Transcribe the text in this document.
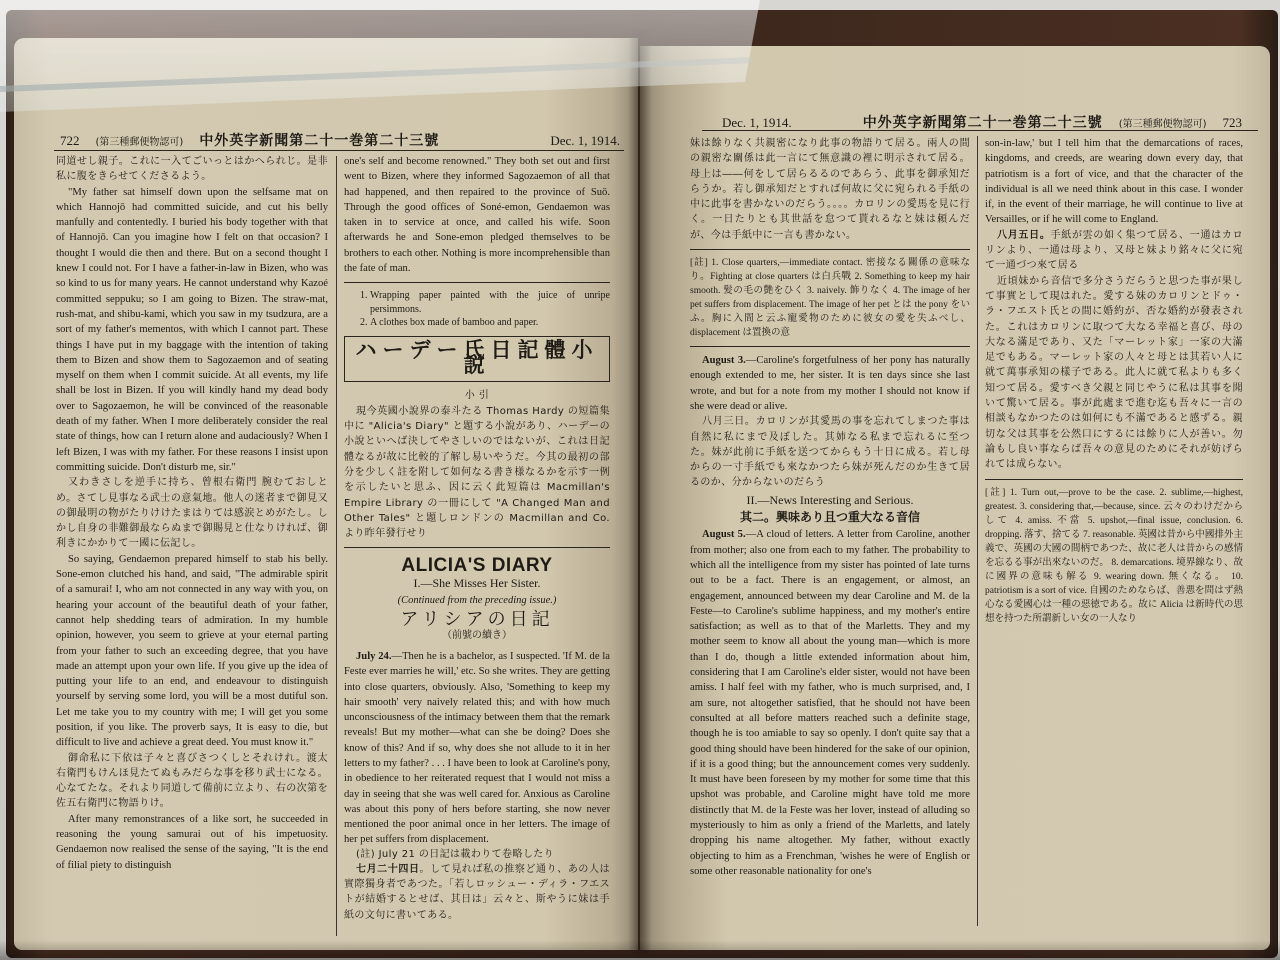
722 (第三種郵便物認可) 中外英字新聞第二十一巻第二十三號	Dec. 1, 1914.

同道せし親子。これに一入てごいっとはかへられじ。是非私に腹をきらせてくださるよう。

"My father sat himself down upon the selfsame mat on which Hannojō had committed suicide, and cut his belly manfully and contentedly. I buried his body together with that of Hannojō. Can you imagine how I felt on that occasion? I thought I would die then and there. But on a second thought I knew I could not. For I have a father-in-law in Bizen, who was so kind to us for many years. He cannot understand why Kazoé committed seppuku; so I am going to Bizen. The straw-mat, rush-mat, and shibu-kami, which you saw in my tsudzura, are a sort of my father's mementos, with which I cannot part. These things I have put in my baggage with the intention of taking them to Bizen and show them to Sagozaemon and of seating myself on them when I commit suicide. At all events, my life shall be lost in Bizen. If you will kindly hand my dead body over to Sagozaemon, he will be convinced of the reasonable death of my father. When I more deliberately consider the real state of things, how can I return alone and audaciously? When I left Bizen, I was with my father. For these reasons I insist upon committing suicide. Don't disturb me, sir."

又わきさしを逆手に持ち、曾根右衛門 腕むておしとめ。さてし見事なる武士の意氣地。他人の迷者まで御見又の御最明の物がたりけけたまはりては感涙とめがたし。しかし自身の非難御最ならぬまで御賜見と仕なりければ、御利きにかかりて一國に伝記し。

So saying, Gendaemon prepared himself to stab his belly. Sone-emon clutched his hand, and said, "The admirable spirit of a samurai! I, who am not connected in any way with you, on hearing your account of the beautiful death of your father, cannot help shedding tears of admiration. In my humble opinion, however, you seem to grieve at your eternal parting from your father to such an exceeding degree, that you have made an attempt upon your own life. If you give up the idea of putting your life to an end, and endeavour to distinguish yourself by serving some lord, you will be a most dutiful son. Let me take you to my country with me; I will get you some position, if you like. The proverb says, It is easy to die, but difficult to live and achieve a great deed. You must know it."

御命私に下依は子々と喜びさつくしとそれけれ。渡太右衛門もけんほ見たてぬもみだらな事を移り武士になる。心なてたな。それより同道して備前に立より、右の次第を佐五右衛門に物語りけ。

After many remonstrances of a like sort, he succeeded in reasoning the young samurai out of his impetuosity. Gendaemon now realised the sense of the saying, "It is the end of filial piety to distinguish

one's self and become renowned." They both set out and first went to Bizen, where they informed Sagozaemon of all that had happened, and then repaired to the province of Suō. Through the good offices of Soné-emon, Gendaemon was taken in to service at once, and called his wife. Soon afterwards he and Sone-emon pledged themselves to be brothers to each other. Nothing is more incomprehensible than the fate of man.

1. Wrapping paper painted with the juice of unripe persimmons.
2. A clothes box made of bamboo and paper.
ハーデー氏日記體小説

小 引

現今英國小說界の泰斗たる Thomas Hardy の短篇集中に "Alicia's Diary" と題する小說があり、ハーデーの小說といへば決してやさしいのではないが、これは日記體なるが故に比較的了解し易いやうだ。今其の最初の部分を少しく註を附して如何なる書き様なるかを示す一例を示したいと思ふ、因に云く此短篇は Macmillan's Empire Library の一冊にして "A Changed Man and Other Tales" と題しロンドンの Macmillan and Co. より昨年發行せり

ALICIA'S DIARY
I.—She Misses Her Sister.
(Continued from the preceding issue.)
アリシアの日記
（前號の續き）

July 24.—Then he is a bachelor, as I suspected. 'If M. de la Feste ever marries he will,' etc. So she writes. They are getting into close quarters, obviously. Also, 'Something to keep my hair smooth' very naively related this; and with how much unconsciousness of the intimacy between them that the remark reveals! But my mother—what can she be doing? Does she know of this? And if so, why does she not allude to it in her letters to my father? . . . I have been to look at Caroline's pony, in obedience to her reiterated request that I would not miss a day in seeing that she was well cared for. Anxious as Caroline was about this pony of hers before starting, she now never mentioned the poor animal once in her letters. The image of her pet suffers from displacement.

(註) July 21 の日記は載わりて卷略したり

七月二十四日。して見れば私の推察ど通り、あの人は實際獨身者であつた。「若しロッシュー・ディラ・フエストが結婚するとせば、其日は」云々と、斯やうに妹は手紙の文句に書いてある。

Dec. 1, 1914.	中外英字新聞第二十一巻第二十三號 (第三種郵便物認可) 723

妹は餘りなく共親密になり此事の物語りて居る。兩人の間の親密な關係は此一言にて無意識の裡に明示されて居る。母上は――何をして居らるるのであらう、此事を御承知だらうか。若し御承知だとすれば何故に父に宛られる手紙の中に此事を書かないのだらう。。。。カロリンの愛馬を見に行く。一日たりとも其世話を怠つて貰れるなと妹は頼んだが、今は手紙中に一言も書かない。

[註] 1. Close quarters,—immediate contact. 密接なる關係の意味なり。Fighting at close quarters は白兵戰 2. Something to keep my hair smooth. 髪の毛の艶をひく 3. naively. 飾りなく 4. The image of her pet suffers from displacement. The image of her pet とは the pony をいふ。胸に入間と云ふ寵愛物のために彼女の愛を失ふべし、displacement は置換の意

August 3.—Caroline's forgetfulness of her pony has naturally enough extended to me, her sister. It is ten days since she last wrote, and but for a note from my mother I should not know if she were dead or alive.

八月三日。カロリンが其愛馬の事を忘れてしまつた事は自然に私にまで及ぼした。其姉なる私まで忘れるに至つた。妹が此前に手紙を送つてからもう十日に成る。若し母からの一寸手紙でも來なかつたら妹が死んだのか生きて居るのか、分からないのだらう

II.—News Interesting and Serious.
其二。興味あり且つ重大なる音信

August 5.—A cloud of letters. A letter from Caroline, another from mother; also one from each to my father. The probability to which all the intelligence from my sister has pointed of late turns out to be a fact. There is an engagement, or almost, an engagement, announced between my dear Caroline and M. de la Feste—to Caroline's sublime happiness, and my mother's entire satisfaction; as well as to that of the Marletts. They and my mother seem to know all about the young man—which is more than I do, though a little extended information about him, considering that I am Caroline's elder sister, would not have been amiss. I half feel with my father, who is much surprised, and, I am sure, not altogether satisfied, that he should not have been consulted at all before matters reached such a definite stage, though he is too amiable to say so openly. I don't quite say that a good thing should have been hindered for the sake of our opinion, if it is a good thing; but the announcement comes very suddenly. It must have been foreseen by my mother for some time that this upshot was probable, and Caroline might have told me more distinctly that M. de la Feste was her lover, instead of alluding so mysteriously to him as only a friend of the Marletts, and lately dropping his name altogether. My father, without exactly objecting to him as a Frenchman, 'wishes he were of English or some other reasonable nationality for one's

son-in-law,' but I tell him that the demarcations of races, kingdoms, and creeds, are wearing down every day, that patriotism is a fort of vice, and that the character of the individual is all we need think about in this case. I wonder if, in the event of their marriage, he will continue to live at Versailles, or if he will come to England.

八月五日。手紙が雲の如く集つて居る、一通はカロリンより、一通は母より、又母と妹より銘々に父に宛て一通づつ來て居る

近頃妹から音信で多分さうだらうと思つた事が果して事實として現はれた。愛する妹のカロリンとドゥ・ラ・フエスト氏との間に婚約が、否な婚約が發表された。これはカロリンに取つて大なる幸福と喜び、母の大なる滿足であり、又た「マーレット家」一家の大滿足でもある。マーレット家の人々と母とは其若い人に就て萬事承知の樣子である。此人に就て私よりも多く知つて居る。愛すべき父親と同じやうに私は其事を聞いて驚いて居る。事が此處まで進む迄も吾々に一言の相談もなかつたのは如何にも不滿であると感ずる。親切な父は其事を公然口にするには餘りに人が善い。勿論もし良い事ならば吾々の意見のためにそれが妨げられては成らない。

[註] 1. Turn out,—prove to be the case. 2. sublime,—highest, greatest. 3. considering that,—because, since. 云々のわけだからして 4. amiss. 不當 5. upshot,—final issue, conclusion. 6. dropping. 落す、捨てる 7. reasonable. 英國は昔から中國排外主義で、英國の大國の間柄であつた、故に老人は昔からの感情を忘るる事が出來ないのだ。 8. demarcations. 境界線なり、故に國界の意味も解る 9. wearing down. 無くなる。 10. patriotism is a sort of vice. 自國のためならば、善悪を問はず熱心なる愛國心は一種の惡徳である。故に Alicia は新時代の思想を持つた所謂新しい女の一人なり
